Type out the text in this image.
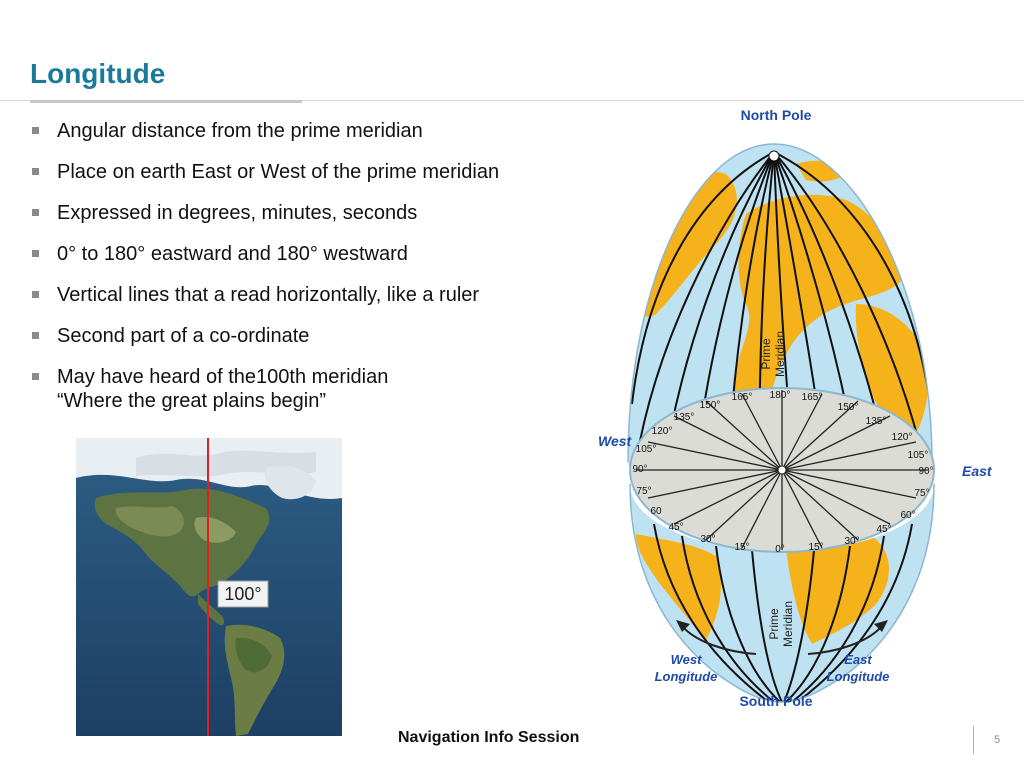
Longitude
Angular distance from the prime meridian
Place on earth East or West of the prime meridian
Expressed in degrees, minutes, seconds
0° to 180° eastward and 180° westward
Vertical lines that a read horizontally, like a ruler
Second part of a co-ordinate
May have heard of the100th meridian
“Where the great plains begin”
100°
North Pole
Prime Meridian
Prime Meridian
180°
165°	165°
150°	150°
135°	135°
120°
120°
105°
105°
90°	90°
75°	75°
60	60°
45°	45°
30°	30°
15°	15°
0°
West
East
West
Longitude
East
Longitude
South Pole
Navigation Info Session	5
